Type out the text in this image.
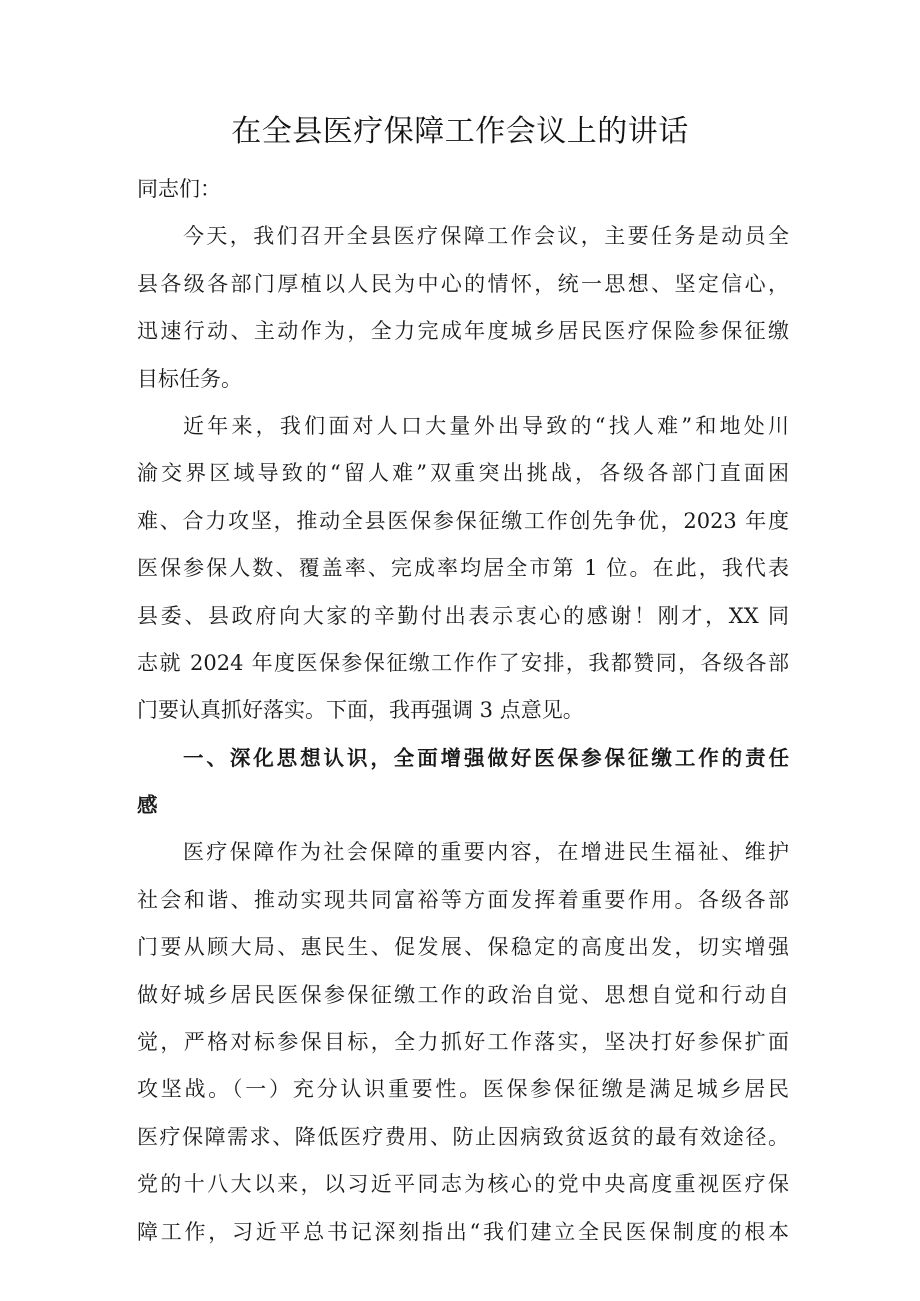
在全县医疗保障工作会议上的讲话
同志们：
今天，我们召开全县医疗保障工作会议，主要任务是动员全
县各级各部门厚植以人民为中心的情怀，统一思想、坚定信心，
迅速行动、主动作为，全力完成年度城乡居民医疗保险参保征缴
目标任务。
近年来，我们面对人口大量外出导致的“找人难”和地处川
渝交界区域导致的“留人难”双重突出挑战，各级各部门直面困
难、合力攻坚，推动全县医保参保征缴工作创先争优，2023 年度
医保参保人数、覆盖率、完成率均居全市第 1 位。在此，我代表
县委、县政府向大家的辛勤付出表示衷心的感谢！刚才，XX 同
志就 2024 年度医保参保征缴工作作了安排，我都赞同，各级各部
门要认真抓好落实。下面，我再强调 3 点意见。
一、深化思想认识，全面增强做好医保参保征缴工作的责任
感
医疗保障作为社会保障的重要内容，在增进民生福祉、维护
社会和谐、推动实现共同富裕等方面发挥着重要作用。各级各部
门要从顾大局、惠民生、促发展、保稳定的高度出发，切实增强
做好城乡居民医保参保征缴工作的政治自觉、思想自觉和行动自
觉，严格对标参保目标，全力抓好工作落实，坚决打好参保扩面
攻坚战。（一）充分认识重要性。医保参保征缴是满足城乡居民
医疗保障需求、降低医疗费用、防止因病致贫返贫的最有效途径。
党的十八大以来，以习近平同志为核心的党中央高度重视医疗保
障工作，习近平总书记深刻指出“我们建立全民医保制度的根本
